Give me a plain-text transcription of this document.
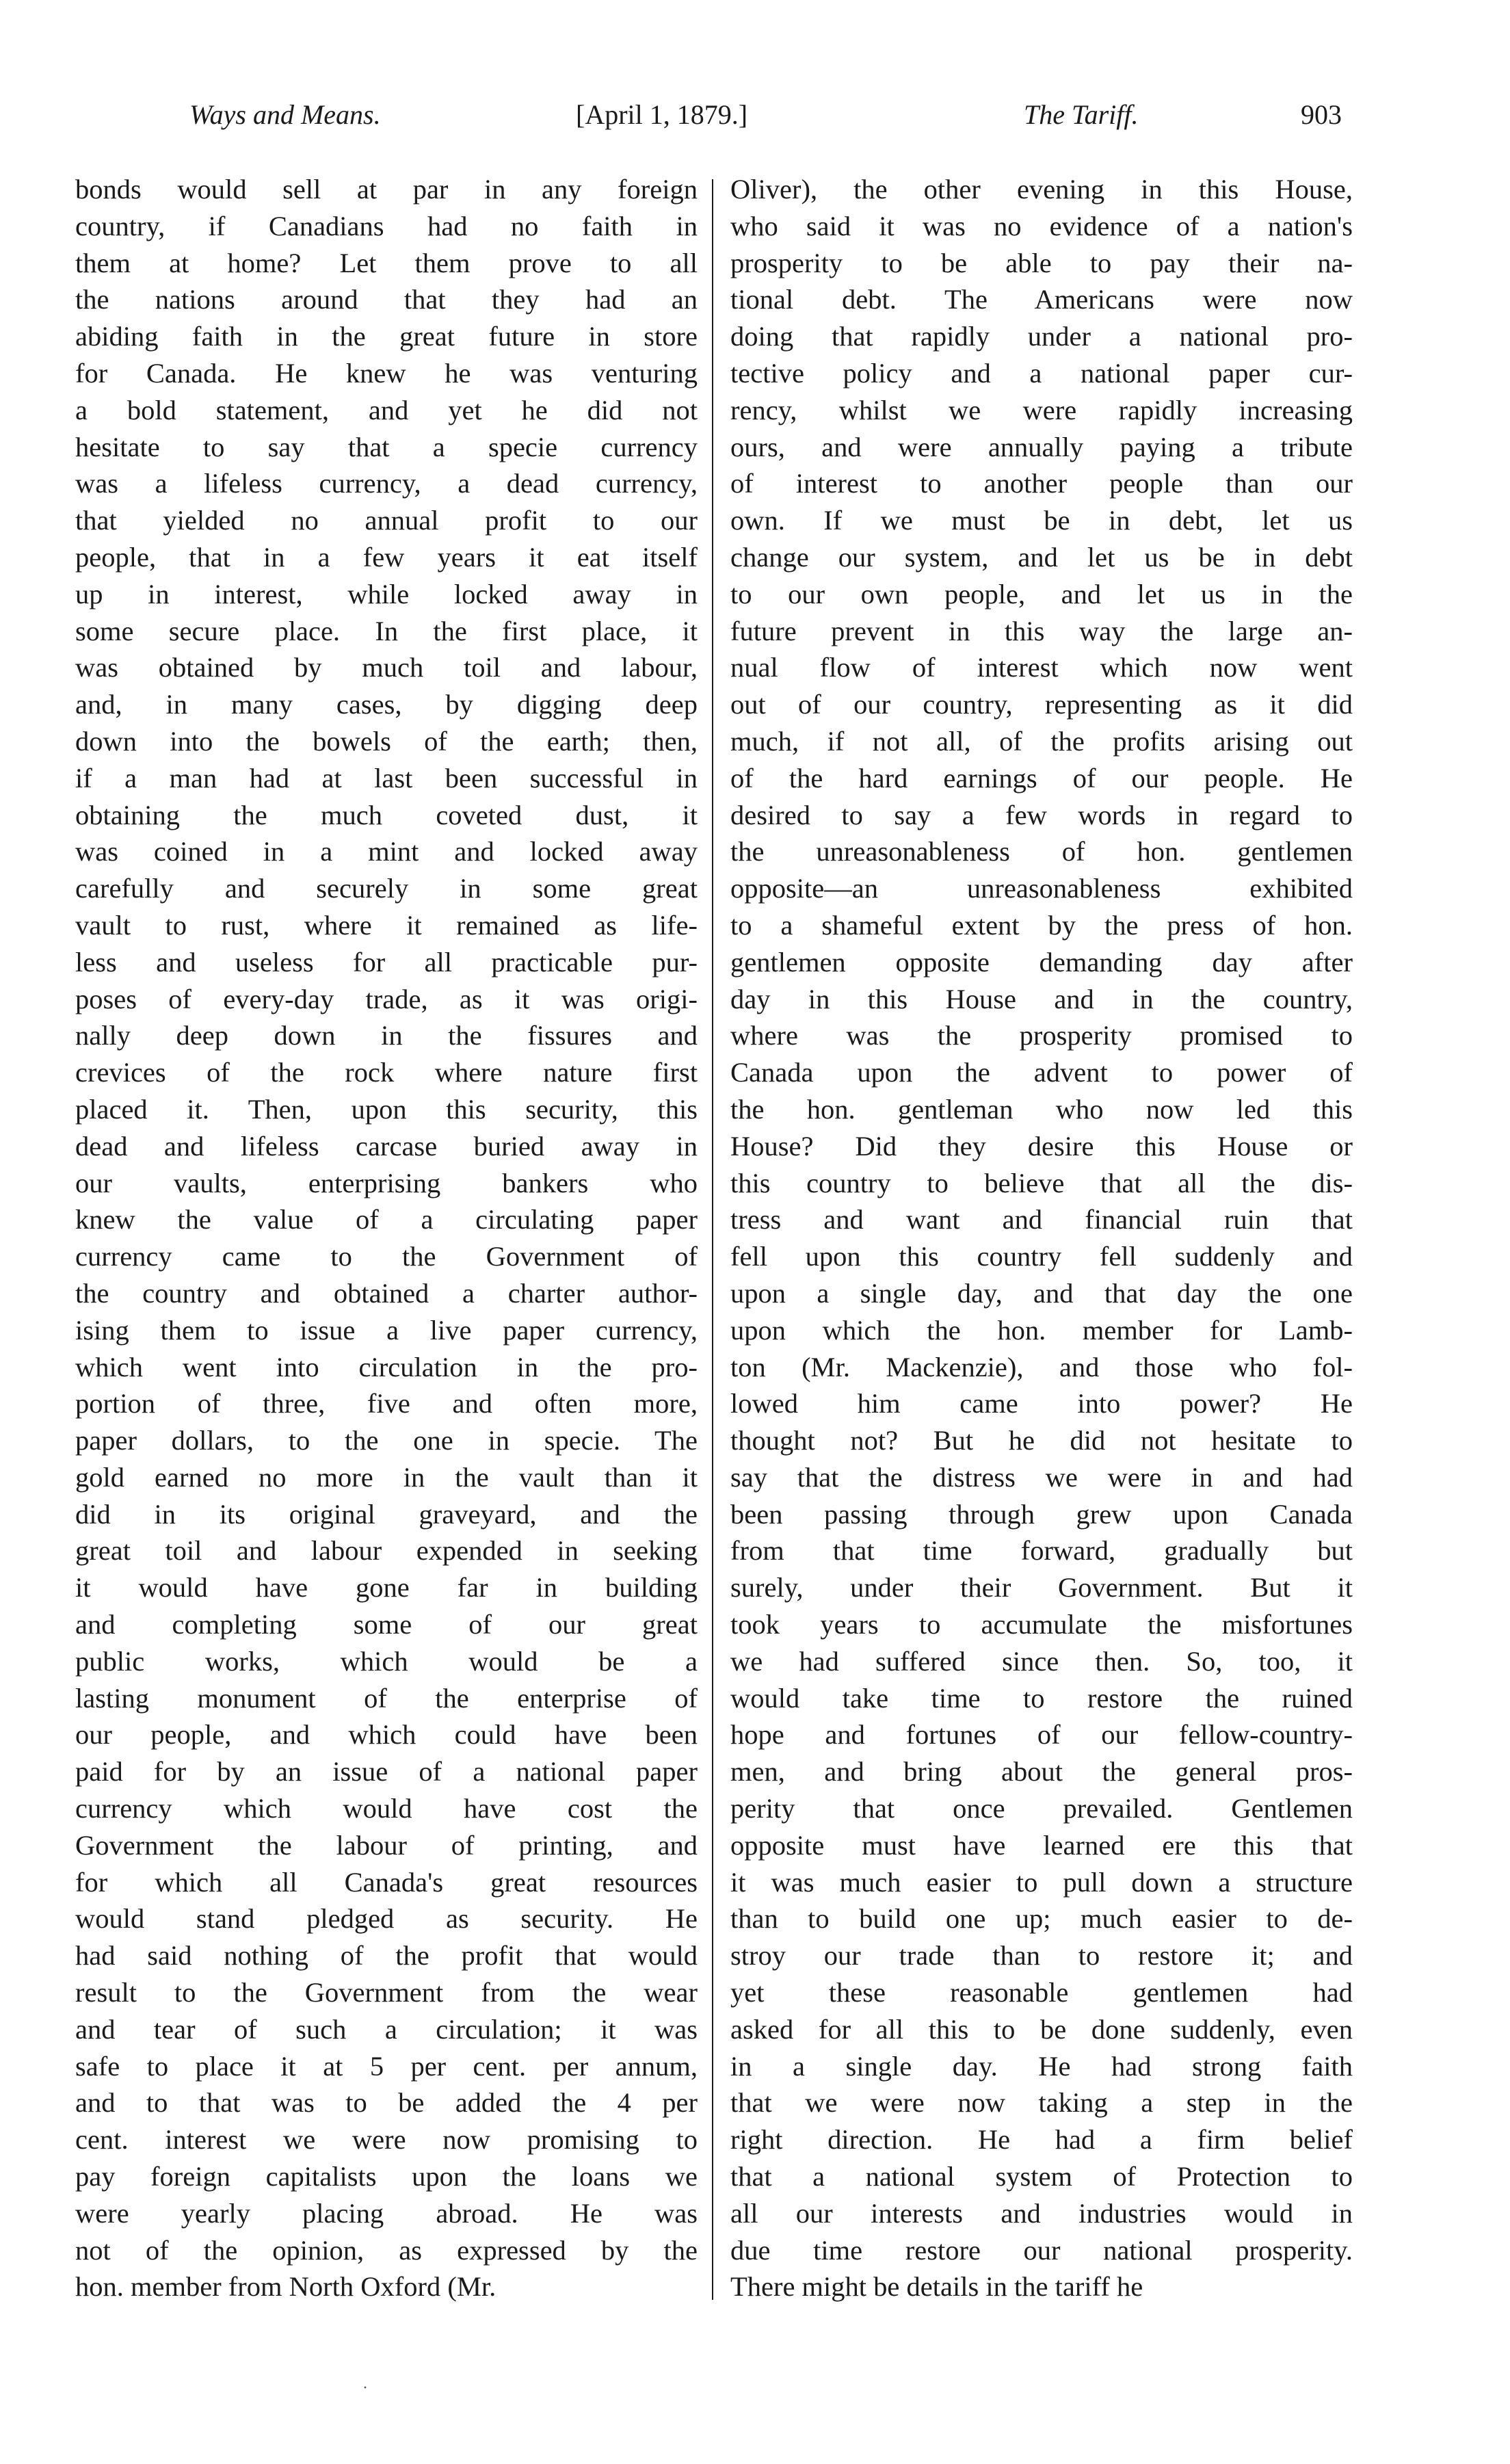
Ways and Means.	[April 1, 1879.]	The Tariff.	903
bonds would sell at par in any foreign
country, if Canadians had no faith in
them at home? Let them prove to all
the nations around that they had an
abiding faith in the great future in store
for Canada. He knew he was venturing
a bold statement, and yet he did not
hesitate to say that a specie currency
was a lifeless currency, a dead currency,
that yielded no annual profit to our
people, that in a few years it eat itself
up in interest, while locked away in
some secure place. In the first place, it
was obtained by much toil and labour,
and, in many cases, by digging deep
down into the bowels of the earth; then,
if a man had at last been successful in
obtaining the much coveted dust, it
was coined in a mint and locked away
carefully and securely in some great
vault to rust, where it remained as life-
less and useless for all practicable pur-
poses of every-day trade, as it was origi-
nally deep down in the fissures and
crevices of the rock where nature first
placed it. Then, upon this security, this
dead and lifeless carcase buried away in
our vaults, enterprising bankers who
knew the value of a circulating paper
currency came to the Government of
the country and obtained a charter author-
ising them to issue a live paper currency,
which went into circulation in the pro-
portion of three, five and often more,
paper dollars, to the one in specie. The
gold earned no more in the vault than it
did in its original graveyard, and the
great toil and labour expended in seeking
it would have gone far in building
and completing some of our great
public works, which would be a
lasting monument of the enterprise of
our people, and which could have been
paid for by an issue of a national paper
currency which would have cost the
Government the labour of printing, and
for which all Canada's great resources
would stand pledged as security. He
had said nothing of the profit that would
result to the Government from the wear
and tear of such a circulation; it was
safe to place it at 5 per cent. per annum,
and to that was to be added the 4 per
cent. interest we were now promising to
pay foreign capitalists upon the loans we
were yearly placing abroad. He was
not of the opinion, as expressed by the
hon. member from North Oxford (Mr.
Oliver), the other evening in this House,
who said it was no evidence of a nation's
prosperity to be able to pay their na-
tional debt. The Americans were now
doing that rapidly under a national pro-
tective policy and a national paper cur-
rency, whilst we were rapidly increasing
ours, and were annually paying a tribute
of interest to another people than our
own. If we must be in debt, let us
change our system, and let us be in debt
to our own people, and let us in the
future prevent in this way the large an-
nual flow of interest which now went
out of our country, representing as it did
much, if not all, of the profits arising out
of the hard earnings of our people. He
desired to say a few words in regard to
the unreasonableness of hon. gentlemen
opposite—an unreasonableness exhibited
to a shameful extent by the press of hon.
gentlemen opposite demanding day after
day in this House and in the country,
where was the prosperity promised to
Canada upon the advent to power of
the hon. gentleman who now led this
House? Did they desire this House or
this country to believe that all the dis-
tress and want and financial ruin that
fell upon this country fell suddenly and
upon a single day, and that day the one
upon which the hon. member for Lamb-
ton (Mr. Mackenzie), and those who fol-
lowed him came into power? He
thought not? But he did not hesitate to
say that the distress we were in and had
been passing through grew upon Canada
from that time forward, gradually but
surely, under their Government. But it
took years to accumulate the misfortunes
we had suffered since then. So, too, it
would take time to restore the ruined
hope and fortunes of our fellow-country-
men, and bring about the general pros-
perity that once prevailed. Gentlemen
opposite must have learned ere this that
it was much easier to pull down a structure
than to build one up; much easier to de-
stroy our trade than to restore it; and
yet these reasonable gentlemen had
asked for all this to be done suddenly, even
in a single day. He had strong faith
that we were now taking a step in the
right direction. He had a firm belief
that a national system of Protection to
all our interests and industries would in
due time restore our national prosperity.
There might be details in the tariff he
·
